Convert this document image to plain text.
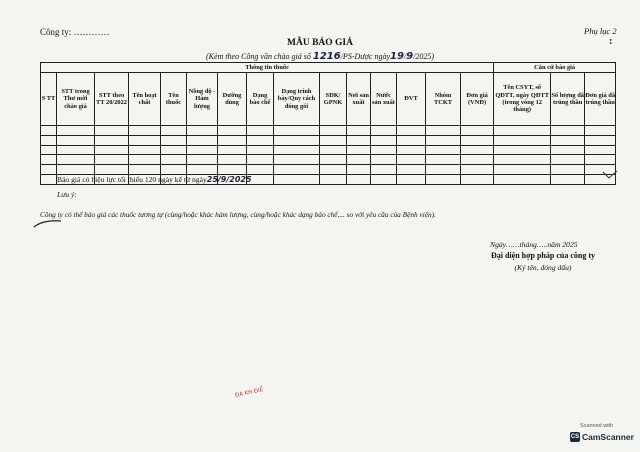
Công ty: …………	Phụ lục 2
:
MẪU BÁO GIÁ
(Kèm theo Công văn chào giá số 1216/PS-Dược ngày19/9/2025)
Thông tin thuốc															Căn cứ báo giá		
S TT	STT trong Thư mời chào giá	STT theo TT 20/2022	Tên hoạt chất	Tên thuốc	Nồng độ - Hàm lượng	Dường dùng	Dạng bào chế	Dạng trình bày/Quy cách đóng gói	SĐK/ GPNK	Nơi sản xuất	Nước sản xuất	ĐVT	Nhóm TCKT	Đơn giá (VNĐ)	Tên CSYT, số QĐTT, ngày QĐTT (trong vòng 12 tháng)	Số lượng đã trúng thầu	Đơn giá đã trúng thầu

Báo giá có hiệu lực tối thiểu 120 ngày kể từ ngày25/9/2025
Lưu ý:
Công ty có thể báo giá các thuốc tương tự (cùng/hoặc khác hàm lượng, cùng/hoặc khác dạng bào chế,... so với yêu cầu của Bệnh viện).
Ngày……tháng…..năm 2025
Đại diện hợp pháp của công ty
(Ký tên, đóng dấu)
ĐA KH ĐIỂ
Scanned with
CS CamScanner
